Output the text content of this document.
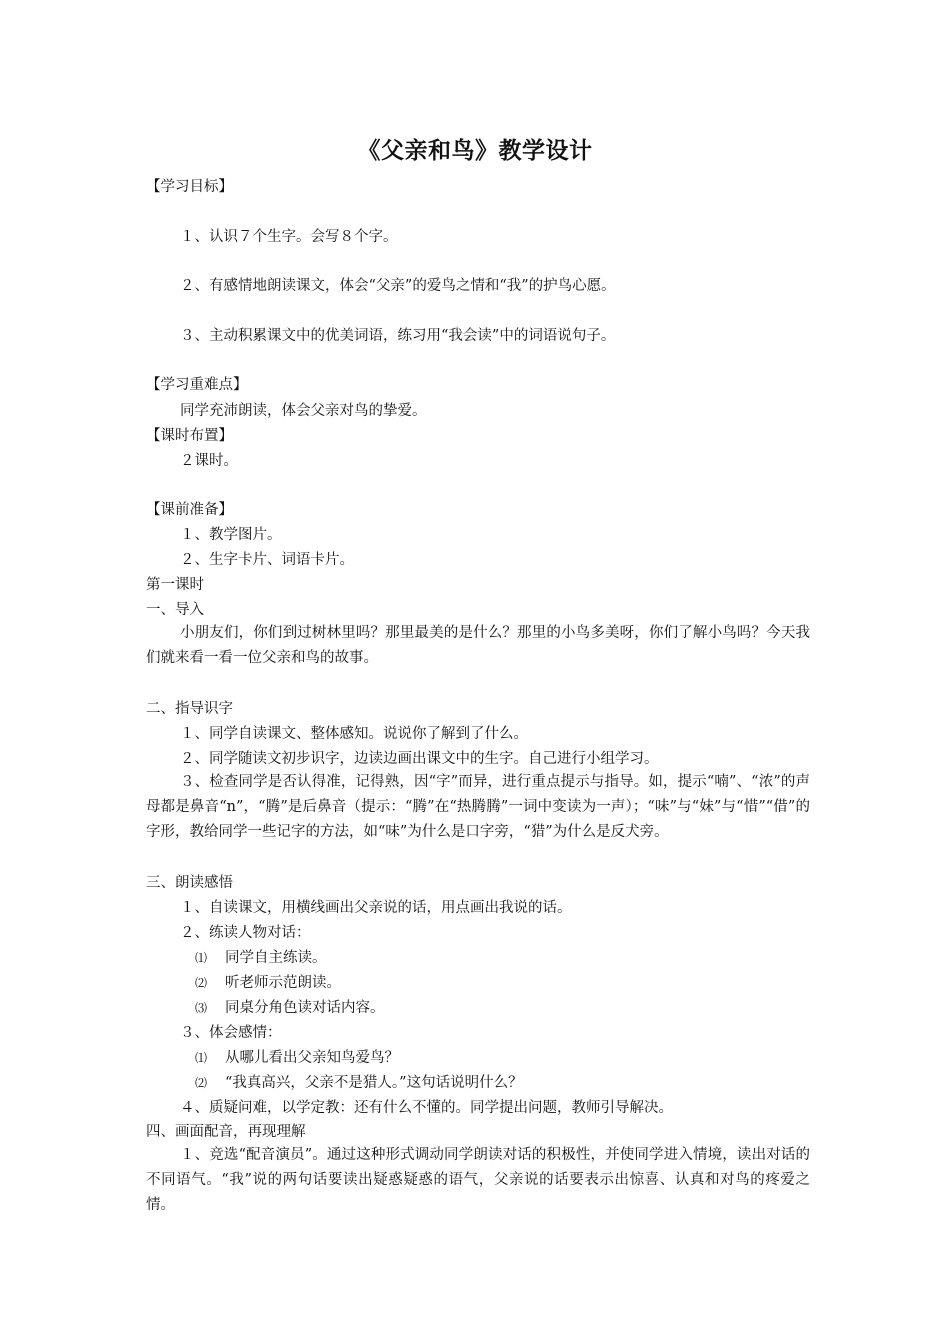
《父亲和鸟》教学设计
【学习目标】
１、认识７个生字。会写８个字。
２、有感情地朗读课文，体会“父亲”的爱鸟之情和“我”的护鸟心愿。
３、主动积累课文中的优美词语，练习用“我会读”中的词语说句子。
【学习重难点】
同学充沛朗读，体会父亲对鸟的挚爱。
【课时布置】
２课时。
【课前准备】
１、教学图片。
２、生字卡片、词语卡片。
第一课时
一、导入
小朋友们，你们到过树林里吗？那里最美的是什么？那里的小鸟多美呀，你们了解小鸟吗？今天我们就来看一看一位父亲和鸟的故事。
二、指导识字
１、同学自读课文、整体感知。说说你了解到了什么。
２、同学随读文初步识字，边读边画出课文中的生字。自己进行小组学习。
３、检查同学是否认得准，记得熟，因“字”而异，进行重点提示与指导。如，提示“喃”、“浓”的声母都是鼻音“n”，“腾”是后鼻音（提示：“腾”在“热腾腾”一词中变读为一声）；“味”与“妹”与“惜”“借”的字形，教给同学一些记字的方法，如“味”为什么是口字旁，“猎”为什么是反犬旁。
三、朗读感悟
１、自读课文，用横线画出父亲说的话，用点画出我说的话。
２、练读人物对话：
⑴ 同学自主练读。
⑵ 听老师示范朗读。
⑶ 同桌分角色读对话内容。
３、体会感情：
⑴ 从哪儿看出父亲知鸟爱鸟？
⑵ “我真高兴，父亲不是猎人。”这句话说明什么？
４、质疑问难，以学定教：还有什么不懂的。同学提出问题，教师引导解决。
四、画面配音，再现理解
１、竞选“配音演员”。通过这种形式调动同学朗读对话的积极性，并使同学进入情境，读出对话的不同语气。“我”说的两句话要读出疑惑疑惑的语气，父亲说的话要表示出惊喜、认真和对鸟的疼爱之情。
